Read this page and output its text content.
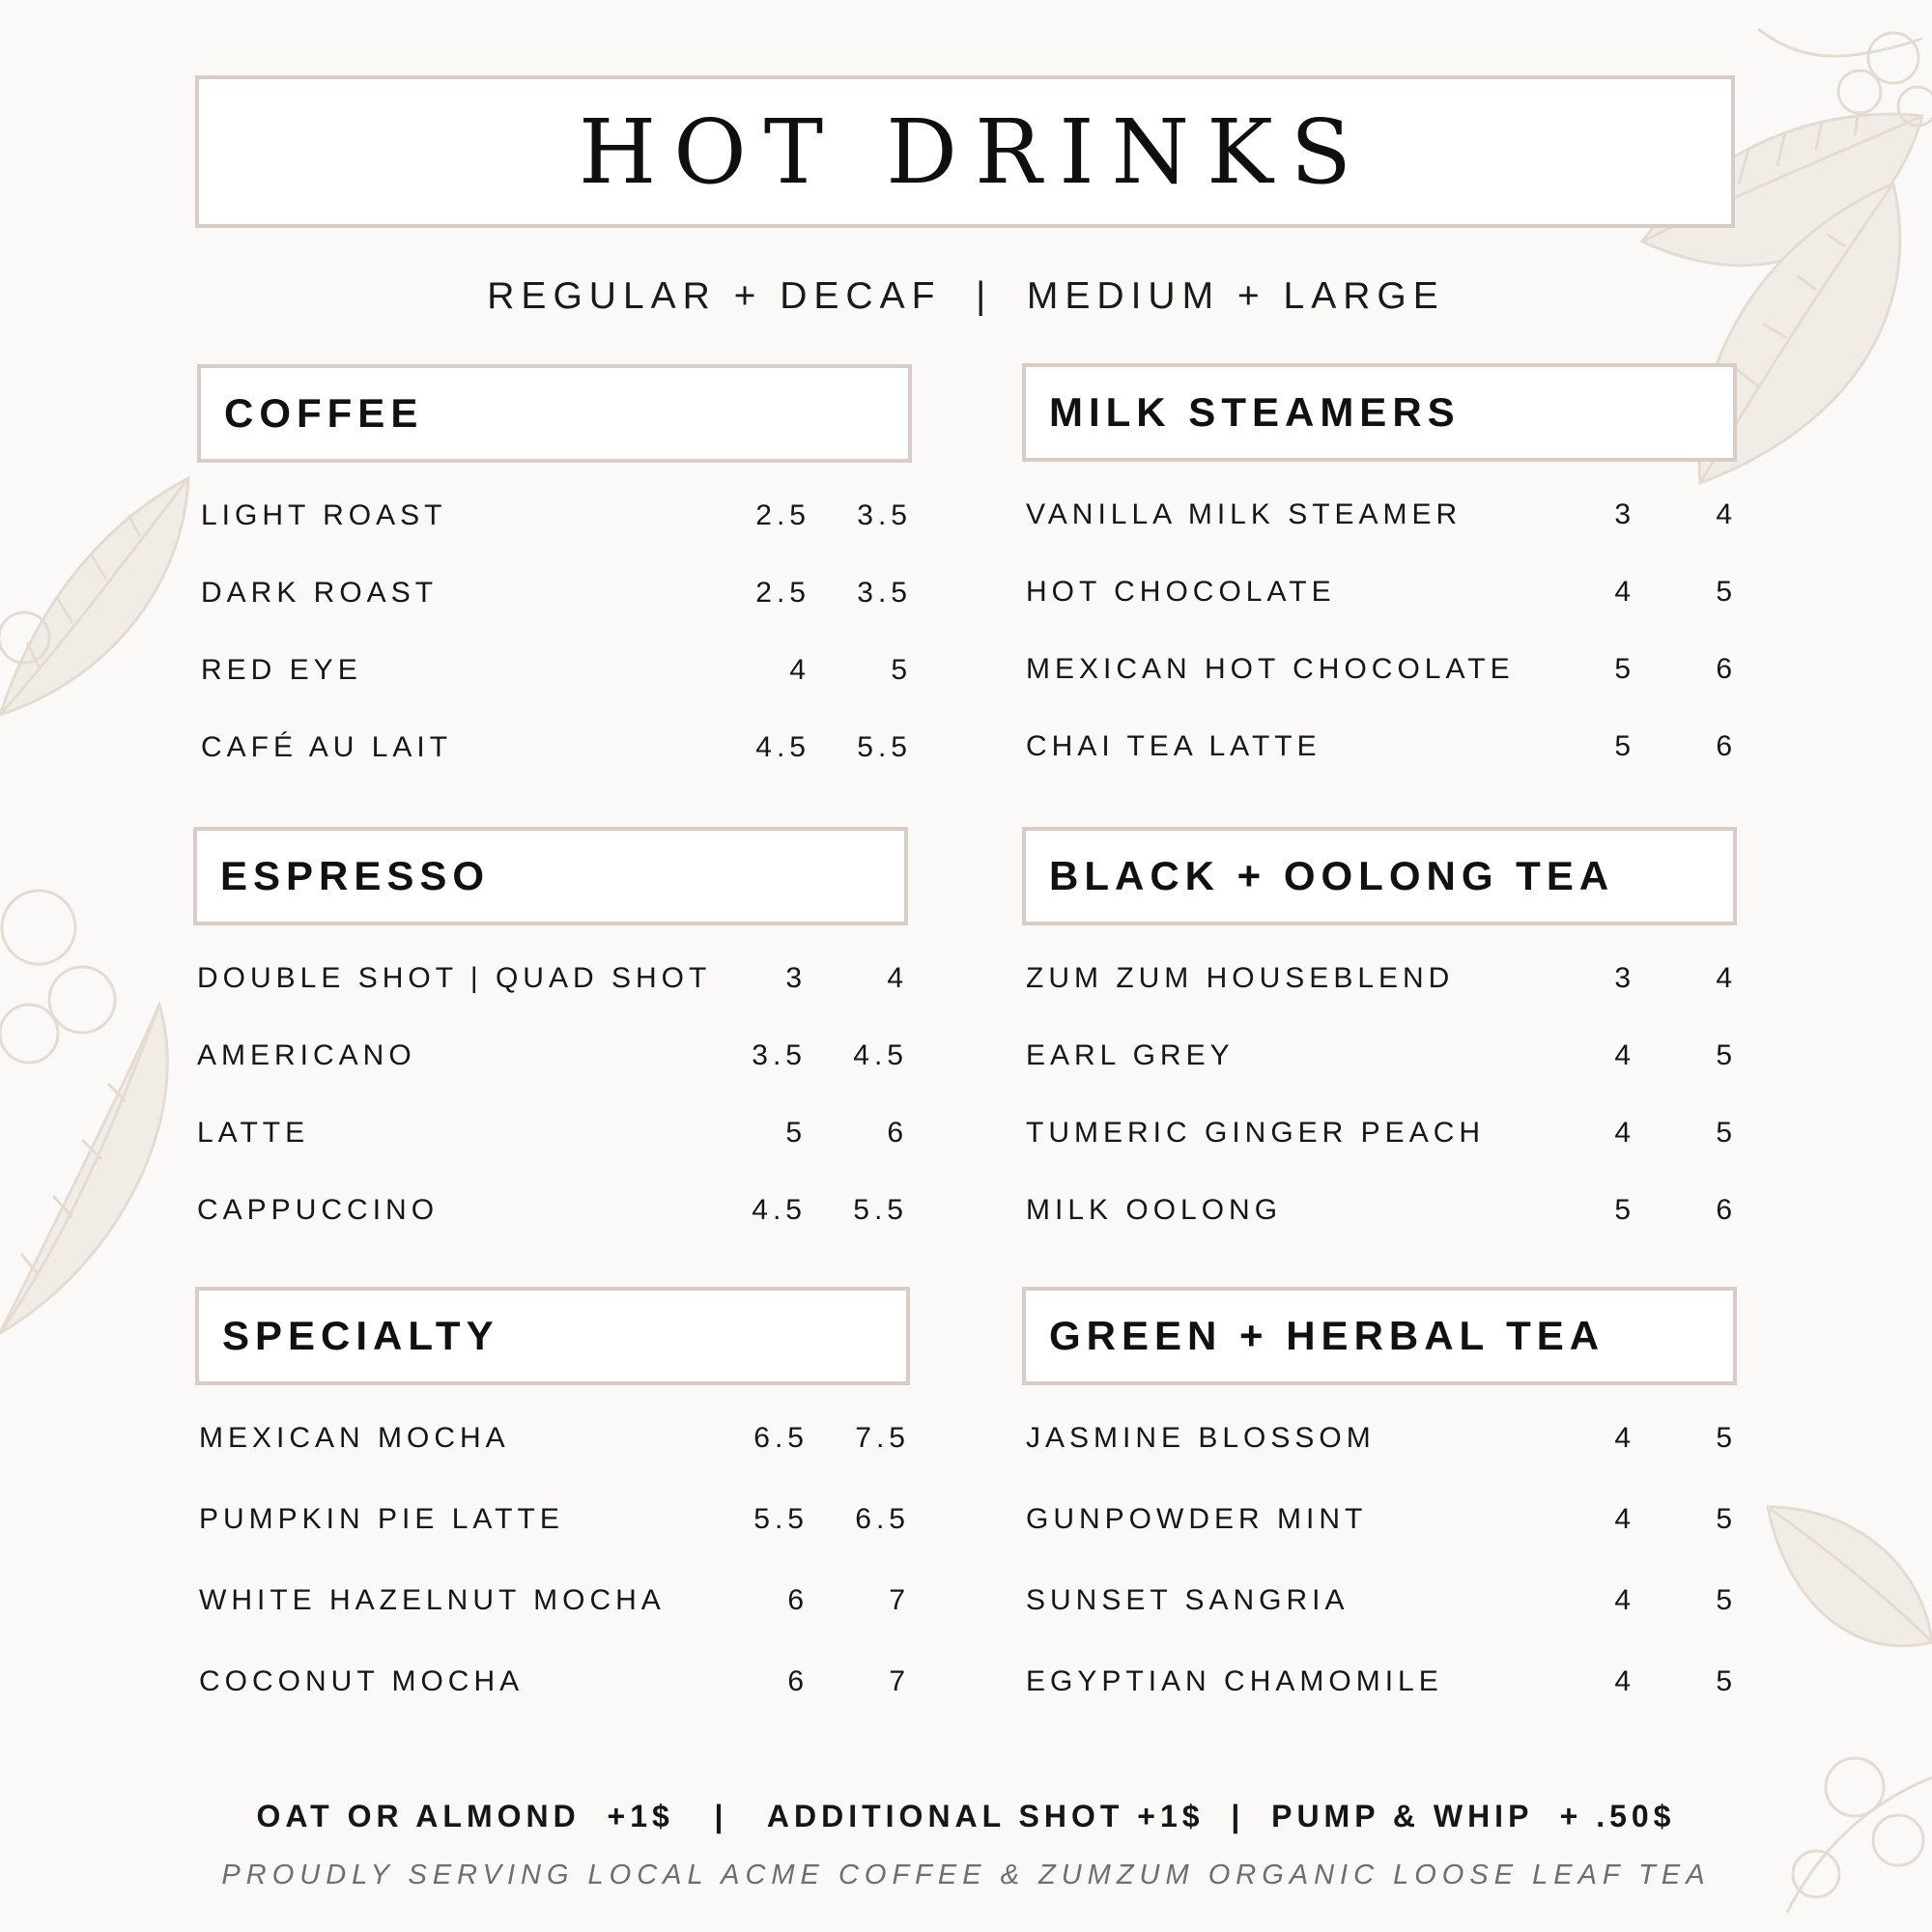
HOT DRINKS
REGULAR + DECAF  |  MEDIUM + LARGE
COFFEE
LIGHT ROAST	2.5 3.5
DARK ROAST	2.5 3.5
RED EYE	4	5
CAFÉ AU LAIT	4.5 5.5
MILK STEAMERS
VANILLA MILK STEAMER	3	4
HOT CHOCOLATE	4	5
MEXICAN HOT CHOCOLATE	5	6
CHAI TEA LATTE	5	6
ESPRESSO
DOUBLE SHOT | QUAD SHOT	3	4
AMERICANO	3.5 4.5
LATTE	5	6
CAPPUCCINO	4.5 5.5
BLACK + OOLONG TEA
ZUM ZUM HOUSEBLEND	3	4
EARL GREY	4	5
TUMERIC GINGER PEACH	4	5
MILK OOLONG	5	6
SPECIALTY
MEXICAN MOCHA	6.5 7.5
PUMPKIN PIE LATTE	5.5 6.5
WHITE HAZELNUT MOCHA	6	7
COCONUT MOCHA	6	7
GREEN + HERBAL TEA
JASMINE BLOSSOM	4	5
GUNPOWDER MINT	4	5
SUNSET SANGRIA	4	5
EGYPTIAN CHAMOMILE	4	5
OAT OR ALMOND  +1$   |   ADDITIONAL SHOT +1$  |  PUMP & WHIP  + .50$
PROUDLY SERVING LOCAL ACME COFFEE & ZUMZUM ORGANIC LOOSE LEAF TEA
